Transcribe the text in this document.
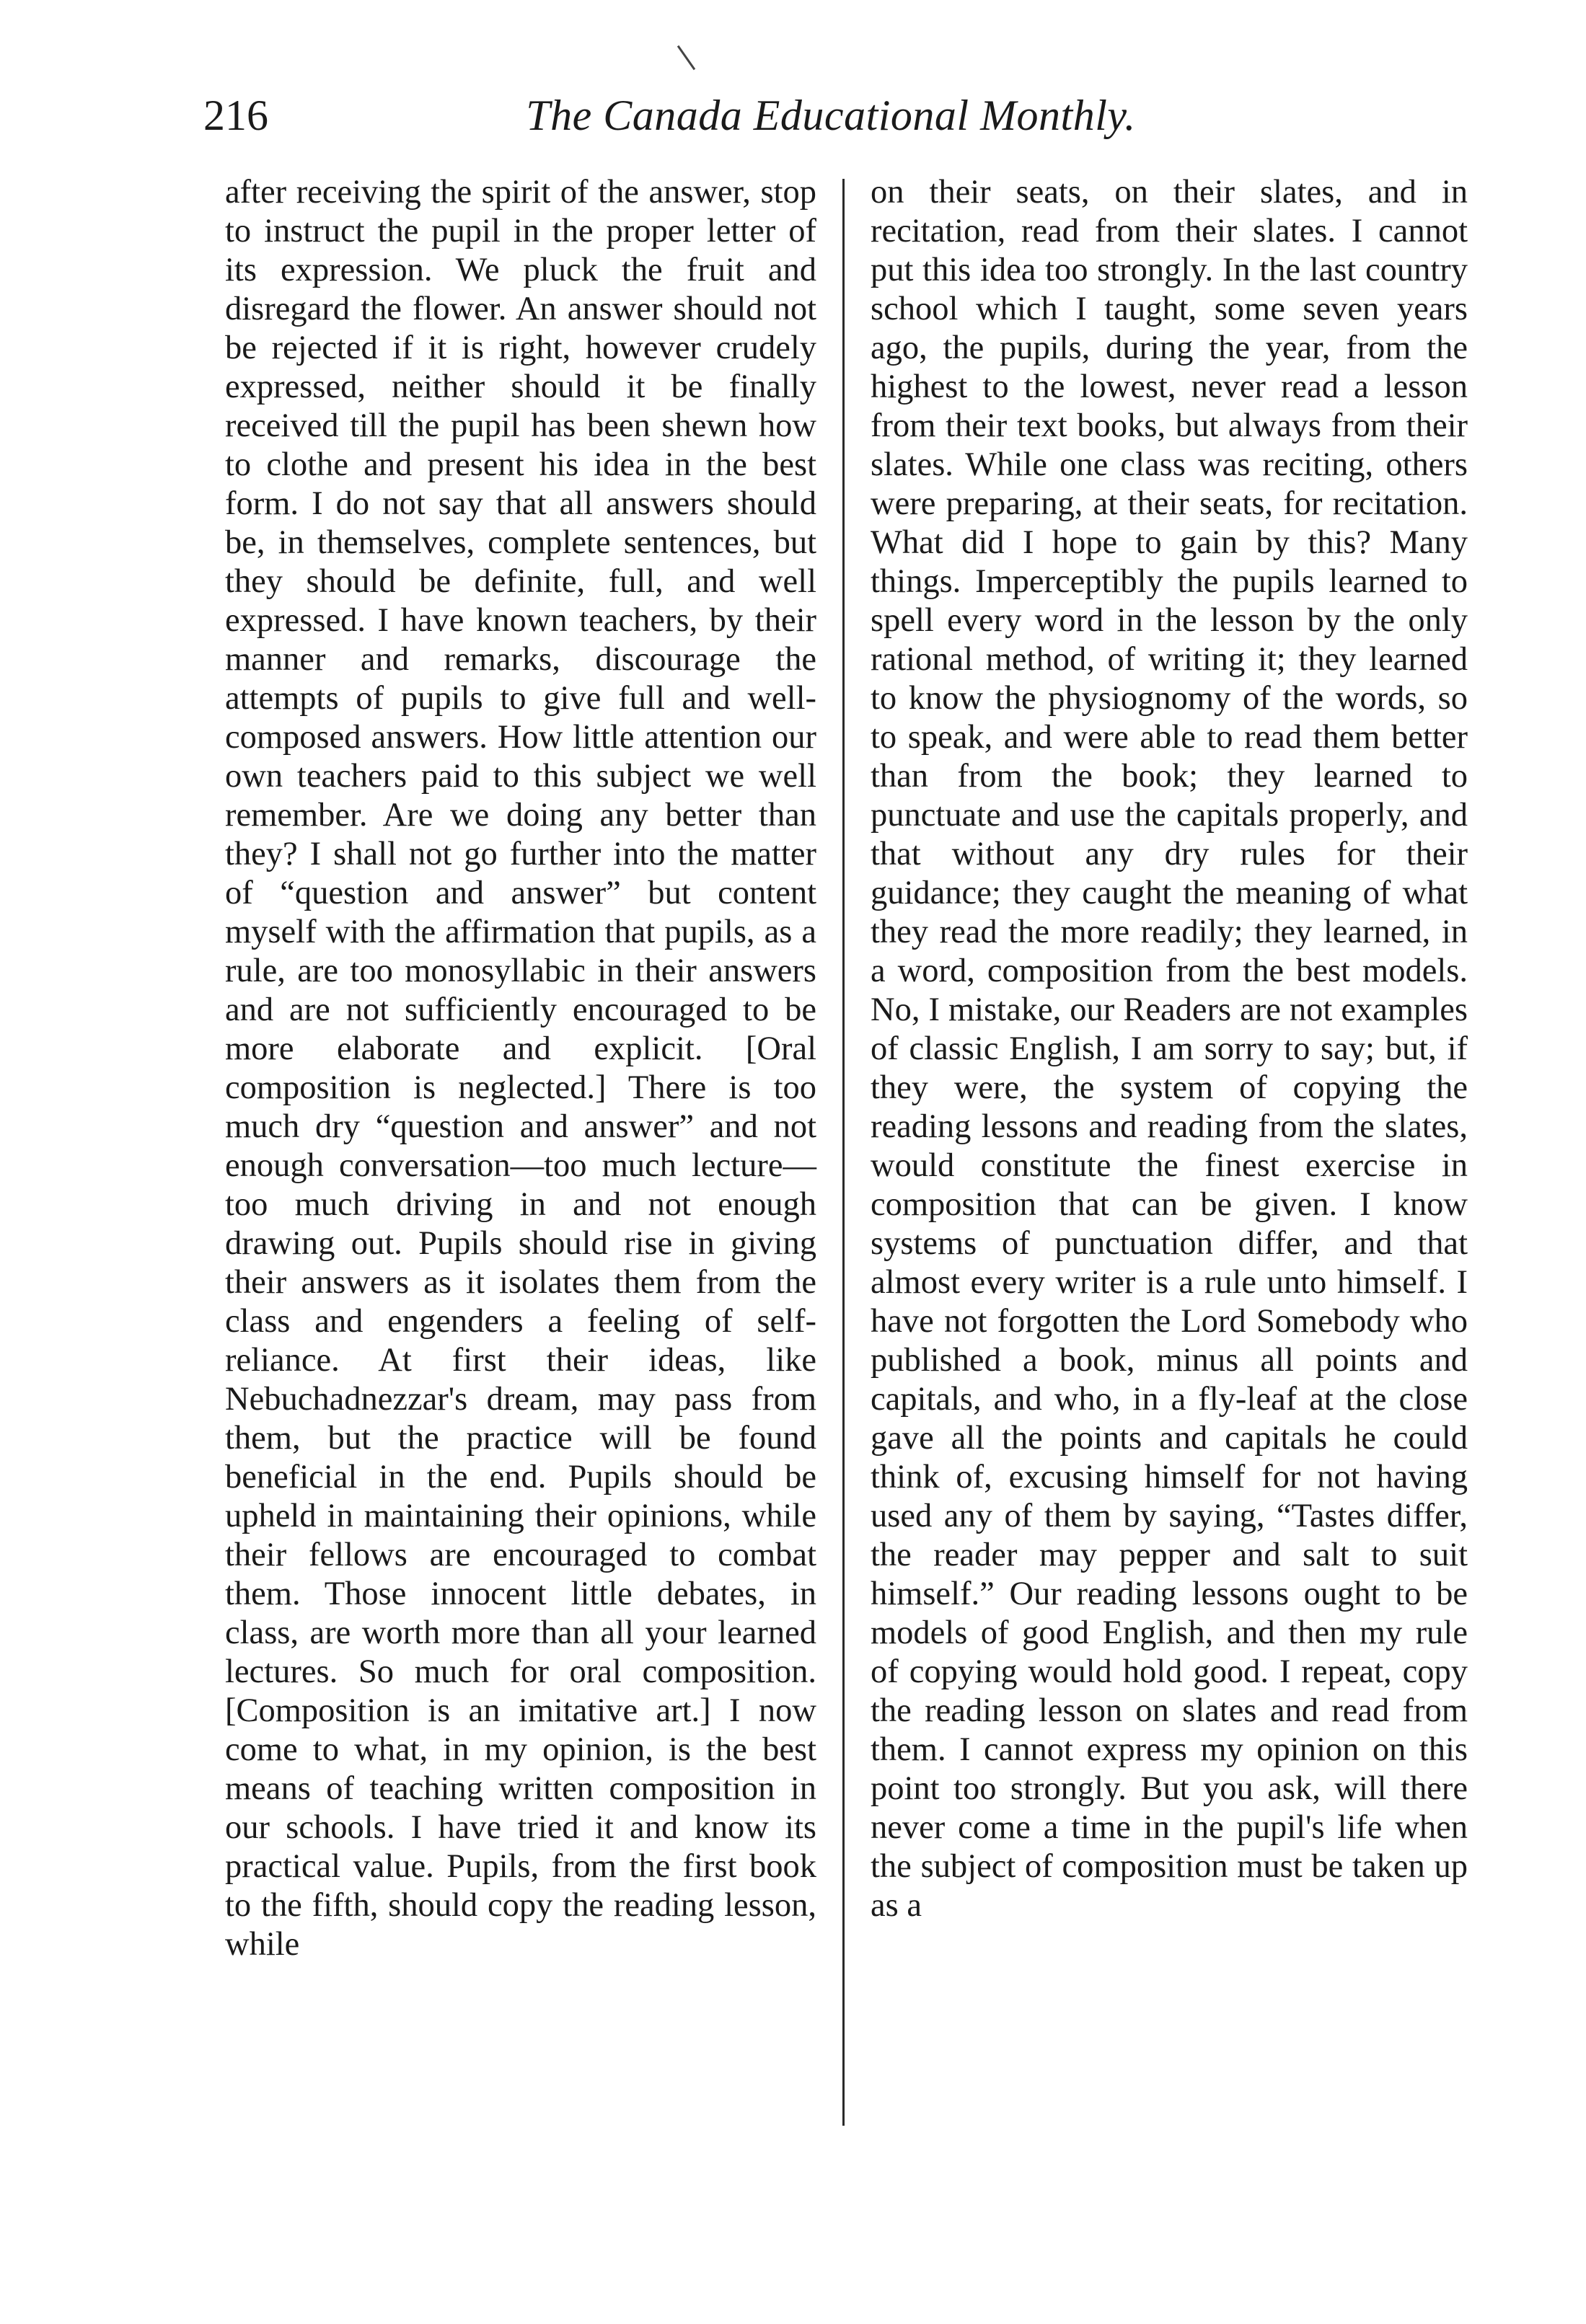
216	The Canada Educational Monthly.

after receiving the spirit of the answer, stop to instruct the pupil in the proper letter of its expression. We pluck the fruit and disregard the flower. An answer should not be rejected if it is right, however crudely expressed, neither should it be finally received till the pupil has been shewn how to clothe and present his idea in the best form. I do not say that all answers should be, in themselves, complete sentences, but they should be definite, full, and well expressed. I have known teachers, by their manner and remarks, discourage the attempts of pupils to give full and well-composed answers. How little attention our own teachers paid to this subject we well remember. Are we doing any better than they? I shall not go further into the matter of “question and answer” but content myself with the affirmation that pupils, as a rule, are too monosyllabic in their answers and are not sufficiently encouraged to be more elaborate and explicit. [Oral composition is neglected.] There is too much dry “question and answer” and not enough conversation—too much lecture—too much driving in and not enough drawing out. Pupils should rise in giving their answers as it isolates them from the class and engenders a feeling of self-reliance. At first their ideas, like Nebuchadnezzar's dream, may pass from them, but the practice will be found beneficial in the end. Pupils should be upheld in maintaining their opinions, while their fellows are encouraged to combat them. Those innocent little debates, in class, are worth more than all your learned lectures. So much for oral composition. [Composition is an imitative art.] I now come to what, in my opinion, is the best means of teaching written composition in our schools. I have tried it and know its practical value. Pupils, from the first book to the fifth, should copy the reading lesson, while

on their seats, on their slates, and in recitation, read from their slates. I cannot put this idea too strongly. In the last country school which I taught, some seven years ago, the pupils, during the year, from the highest to the lowest, never read a lesson from their text books, but always from their slates. While one class was reciting, others were preparing, at their seats, for recitation. What did I hope to gain by this? Many things. Imperceptibly the pupils learned to spell every word in the lesson by the only rational method, of writing it; they learned to know the physiognomy of the words, so to speak, and were able to read them better than from the book; they learned to punctuate and use the capitals properly, and that without any dry rules for their guidance; they caught the meaning of what they read the more readily; they learned, in a word, composition from the best models. No, I mistake, our Readers are not examples of classic English, I am sorry to say; but, if they were, the system of copying the reading lessons and reading from the slates, would constitute the finest exercise in composition that can be given. I know systems of punctuation differ, and that almost every writer is a rule unto himself. I have not forgotten the Lord Somebody who published a book, minus all points and capitals, and who, in a fly-leaf at the close gave all the points and capitals he could think of, excusing himself for not having used any of them by saying, “Tastes differ, the reader may pepper and salt to suit himself.” Our reading lessons ought to be models of good English, and then my rule of copying would hold good. I repeat, copy the reading lesson on slates and read from them. I cannot express my opinion on this point too strongly. But you ask, will there never come a time in the pupil's life when the subject of composition must be taken up as a
